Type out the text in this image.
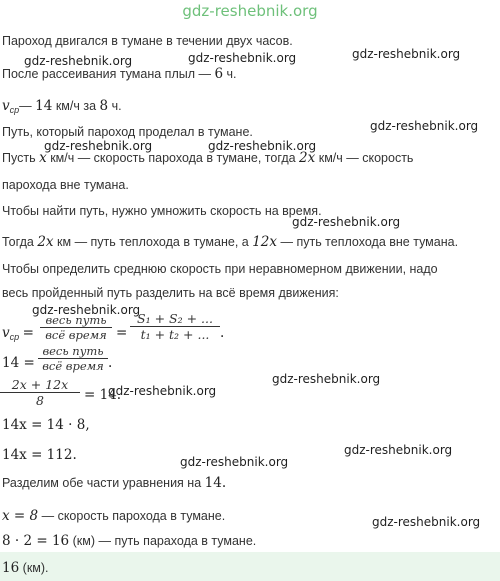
gdz-reshebnik.org
Пароход двигался в тумане в течении двух часов.
После рассеивания тумана плыл — 6 ч.
$v_{ср}—$ 14 км/ч за 8 ч.
Путь, который пароход проделал в тумане.
Пусть x км/ч — скорость парохода в тумане, тогда 2x км/ч — скорость
парохода вне тумана.
Чтобы найти путь, нужно умножить скорость на время.
Тогда 2x км — путь теплохода в тумане, а 12x — путь теплохода вне тумана.
Чтобы определить среднюю скорость при неравномерном движении, надо
весь пройденный путь разделить на всё время движения:
$v_{ср}$ =
весь путь
всё время = $\frac{\text{S₁ + S₂ + ...}}{\text{t₁ + t₂ + ...}}$ .
14 =
весь путь
всё время .
$\frac{2x + 12x}{8} = 14$.
14x = 14 · 8,
14x = 112.
Разделим обе части уравнения на 14.
x = 8 — скорость парохода в тумане.
8 · 2 = 16 (км) — путь парахода в тумане.
16 (км).
gdz-reshebnik.org	gdz-reshebnik.org	gdz-reshebnik.org
gdz-reshebnik.org
gdz-reshebnik.org	gdz-reshebnik.org
gdz-reshebnik.org
gdz-reshebnik.org
gdz-reshebnik.org
gdz-reshebnik.org
gdz-reshebnik.org
gdz-reshebnik.org
gdz-reshebnik.org
